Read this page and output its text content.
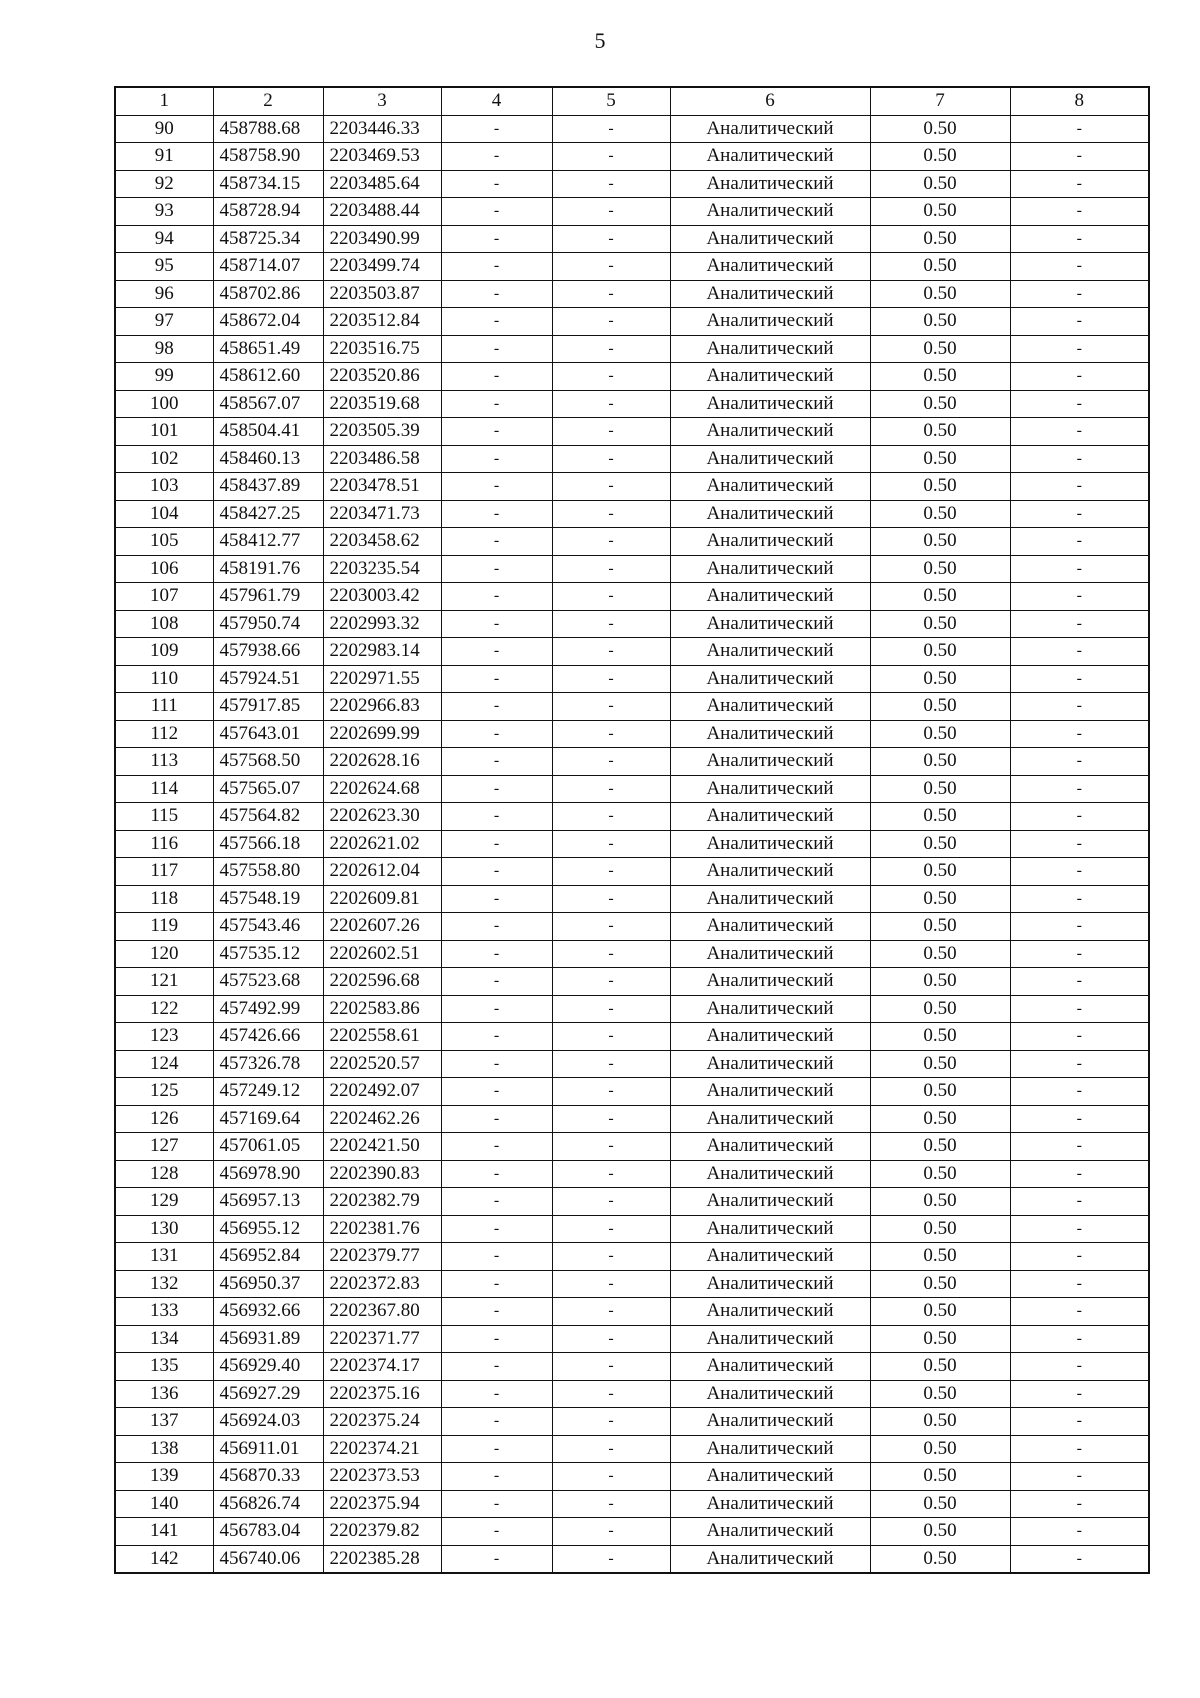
5
1	2	3	4	5	6	7	8
90	458788.68	2203446.33	-	-	Аналитический	0.50	-
91	458758.90	2203469.53	-	-	Аналитический	0.50	-
92	458734.15	2203485.64	-	-	Аналитический	0.50	-
93	458728.94	2203488.44	-	-	Аналитический	0.50	-
94	458725.34	2203490.99	-	-	Аналитический	0.50	-
95	458714.07	2203499.74	-	-	Аналитический	0.50	-
96	458702.86	2203503.87	-	-	Аналитический	0.50	-
97	458672.04	2203512.84	-	-	Аналитический	0.50	-
98	458651.49	2203516.75	-	-	Аналитический	0.50	-
99	458612.60	2203520.86	-	-	Аналитический	0.50	-
100	458567.07	2203519.68	-	-	Аналитический	0.50	-
101	458504.41	2203505.39	-	-	Аналитический	0.50	-
102	458460.13	2203486.58	-	-	Аналитический	0.50	-
103	458437.89	2203478.51	-	-	Аналитический	0.50	-
104	458427.25	2203471.73	-	-	Аналитический	0.50	-
105	458412.77	2203458.62	-	-	Аналитический	0.50	-
106	458191.76	2203235.54	-	-	Аналитический	0.50	-
107	457961.79	2203003.42	-	-	Аналитический	0.50	-
108	457950.74	2202993.32	-	-	Аналитический	0.50	-
109	457938.66	2202983.14	-	-	Аналитический	0.50	-
110	457924.51	2202971.55	-	-	Аналитический	0.50	-
111	457917.85	2202966.83	-	-	Аналитический	0.50	-
112	457643.01	2202699.99	-	-	Аналитический	0.50	-
113	457568.50	2202628.16	-	-	Аналитический	0.50	-
114	457565.07	2202624.68	-	-	Аналитический	0.50	-
115	457564.82	2202623.30	-	-	Аналитический	0.50	-
116	457566.18	2202621.02	-	-	Аналитический	0.50	-
117	457558.80	2202612.04	-	-	Аналитический	0.50	-
118	457548.19	2202609.81	-	-	Аналитический	0.50	-
119	457543.46	2202607.26	-	-	Аналитический	0.50	-
120	457535.12	2202602.51	-	-	Аналитический	0.50	-
121	457523.68	2202596.68	-	-	Аналитический	0.50	-
122	457492.99	2202583.86	-	-	Аналитический	0.50	-
123	457426.66	2202558.61	-	-	Аналитический	0.50	-
124	457326.78	2202520.57	-	-	Аналитический	0.50	-
125	457249.12	2202492.07	-	-	Аналитический	0.50	-
126	457169.64	2202462.26	-	-	Аналитический	0.50	-
127	457061.05	2202421.50	-	-	Аналитический	0.50	-
128	456978.90	2202390.83	-	-	Аналитический	0.50	-
129	456957.13	2202382.79	-	-	Аналитический	0.50	-
130	456955.12	2202381.76	-	-	Аналитический	0.50	-
131	456952.84	2202379.77	-	-	Аналитический	0.50	-
132	456950.37	2202372.83	-	-	Аналитический	0.50	-
133	456932.66	2202367.80	-	-	Аналитический	0.50	-
134	456931.89	2202371.77	-	-	Аналитический	0.50	-
135	456929.40	2202374.17	-	-	Аналитический	0.50	-
136	456927.29	2202375.16	-	-	Аналитический	0.50	-
137	456924.03	2202375.24	-	-	Аналитический	0.50	-
138	456911.01	2202374.21	-	-	Аналитический	0.50	-
139	456870.33	2202373.53	-	-	Аналитический	0.50	-
140	456826.74	2202375.94	-	-	Аналитический	0.50	-
141	456783.04	2202379.82	-	-	Аналитический	0.50	-
142	456740.06	2202385.28	-	-	Аналитический	0.50	-
